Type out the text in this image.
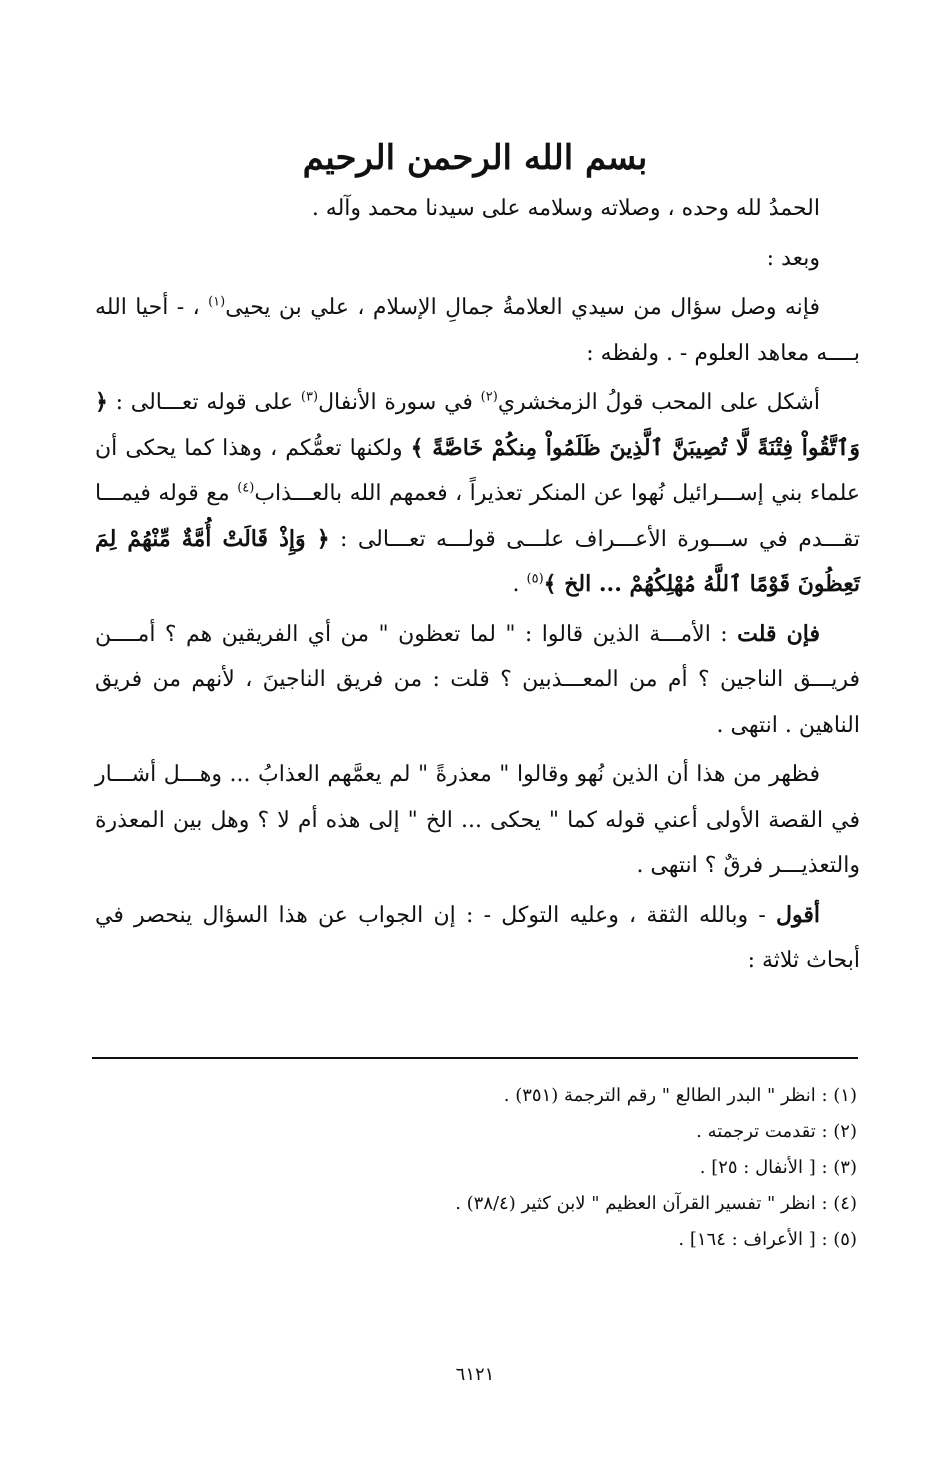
بسم الله الرحمن الرحيم

الحمدُ لله وحده ، وصلاته وسلامه على سيدنا محمد وآله .

وبعد :

فإنه وصل سؤال من سيدي العلامةُ جمالِ الإسلام ، علي بن يحيى$^{(١)}$ ، - أحيا الله بــــه معاهد العلوم - . ولفظه :

أشكل على المحب قولُ الزمخشري$^{(٢)}$ في سورة الأنفال$^{(٣)}$ على قوله تعـــالى : ﴿ وَٱتَّقُواْ فِتْنَةً لَّا تُصِيبَنَّ ٱلَّذِينَ ظَلَمُواْ مِنكُمْ خَاصَّةً ﴾ ولكنها تعمُّكم ، وهذا كما يحكى أن علماء بني إســـرائيل نُهوا عن المنكر تعذيراً ، فعمهم الله بالعـــذاب$^{(٤)}$ مع قوله فيمـــا تقـــدم في ســـورة الأعـــراف علـــى قولـــه تعـــالى : ﴿ وَإِذْ قَالَتْ أُمَّةٌ مِّنْهُمْ لِمَ تَعِظُونَ قَوْمًا ٱللَّهُ مُهْلِكُهُمْ ... الخ ﴾$^{(٥)}$ .

فإن قلت : الأمـــة الذين قالوا : " لما تعظون " من أي الفريقين هم ؟ أمــــن فريـــق الناجين ؟ أم من المعـــذبين ؟ قلت : من فريق الناجينَ ، لأنهم من فريق الناهين . انتهى .

فظهر من هذا أن الذين نُهو وقالوا " معذرةً " لم يعمَّهم العذابُ ... وهـــل أشـــار في القصة الأولى أعني قوله كما " يحكى ... الخ " إلى هذه أم لا ؟ وهل بين المعذرة والتعذيـــر فرقٌ ؟ انتهى .

أقول - وبالله الثقة ، وعليه التوكل - : إن الجواب عن هذا السؤال ينحصر في أبحاث ثلاثة :

(١) : انظر " البدر الطالع " رقم الترجمة (٣٥١) .
(٢) : تقدمت ترجمته .
(٣) : [ الأنفال : ٢٥] .
(٤) : انظر " تفسير القرآن العظيم " لابن كثير (٣٨/٤) .
(٥) : [ الأعراف : ١٦٤] .
٦١٢١
